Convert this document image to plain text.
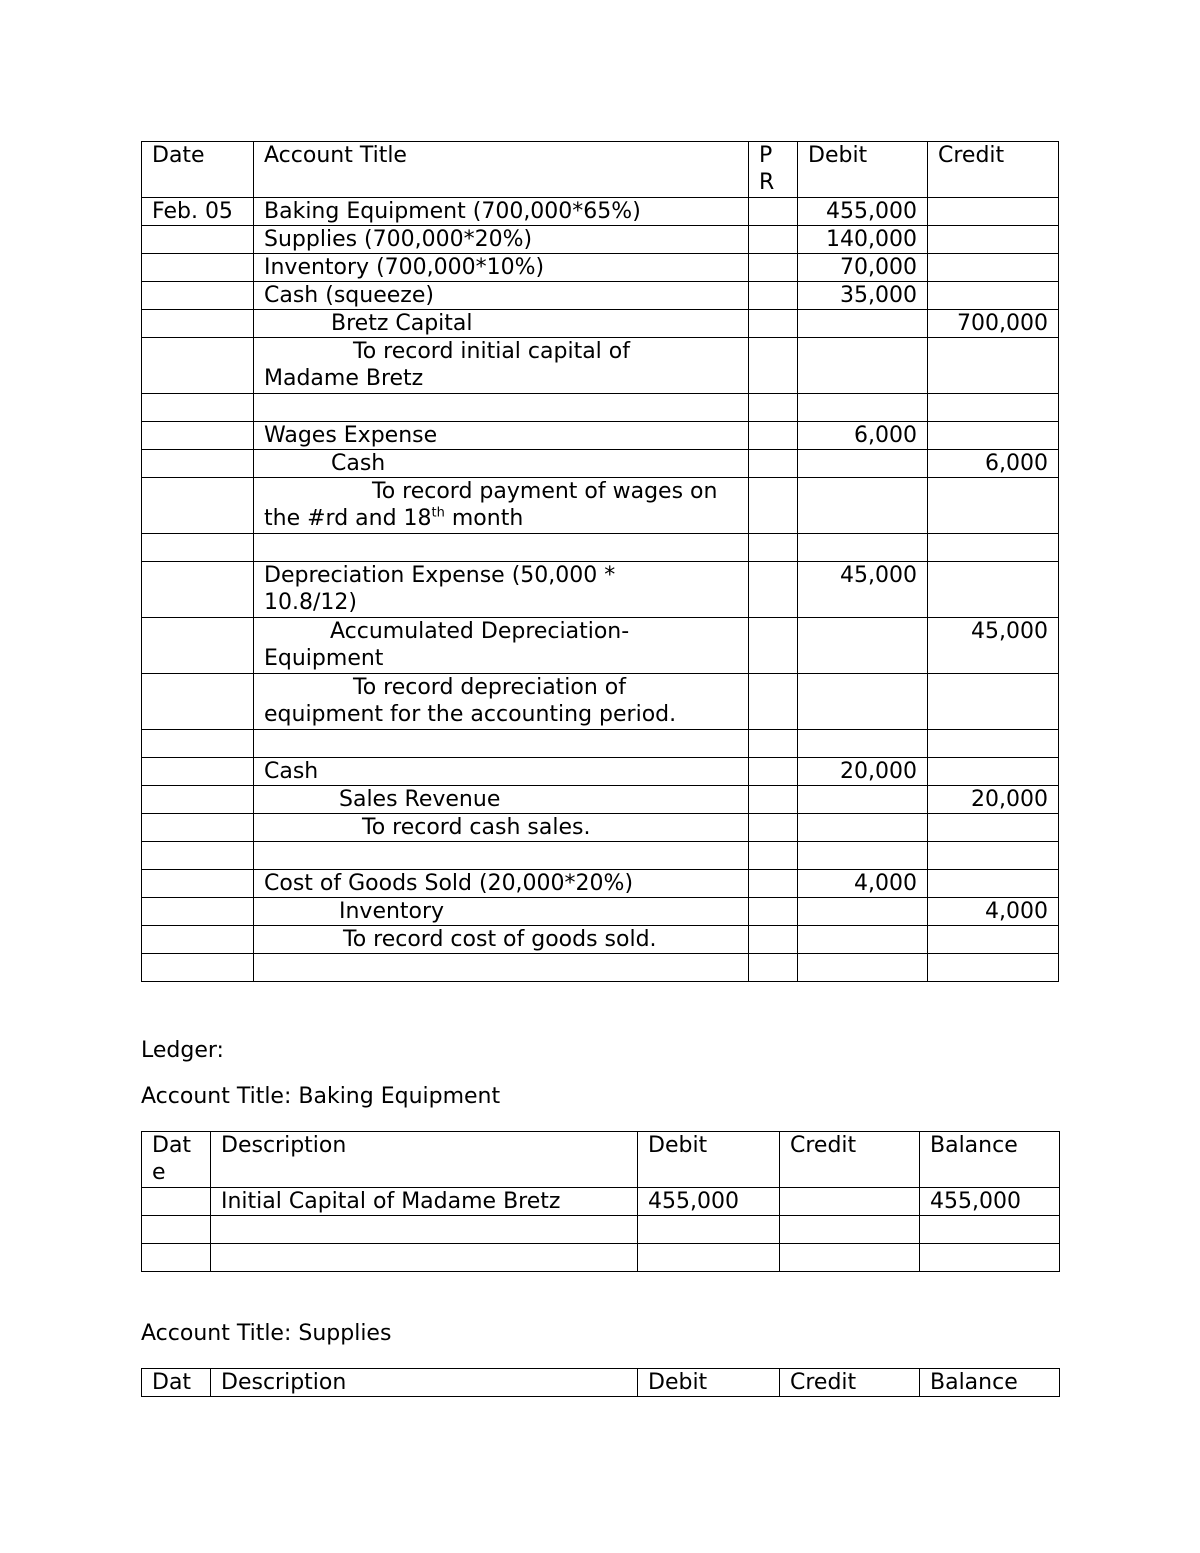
Date	Account Title	P R	Debit	Credit
Feb. 05	Baking Equipment (700,000*65%)		455,000	
	Supplies (700,000*20%)		140,000	
	Inventory (700,000*10%)		70,000	
	Cash (squeeze)		35,000	
	Bretz Capital			700,000

	To record initial capital of
Madame Bretz			

	Wages Expense		6,000	
	Cash			6,000

	To record payment of wages on
the #rd and 18th month			

	Depreciation Expense (50,000 *
10.8/12)		45,000	

	Accumulated Depreciation-
Equipment			45,000

	To record depreciation of
equipment for the accounting period.			

	Cash		20,000	
	Sales Revenue			20,000
	To record cash sales.			

	Cost of Goods Sold (20,000*20%)		4,000	
	Inventory			4,000
	To record cost of goods sold.			

Ledger:

Account Title: Baking Equipment

Dat e	Description	Debit	Credit	Balance
	Initial Capital of Madame Bretz	455,000		455,000

Account Title: Supplies

Dat	Description	Debit	Credit	Balance
